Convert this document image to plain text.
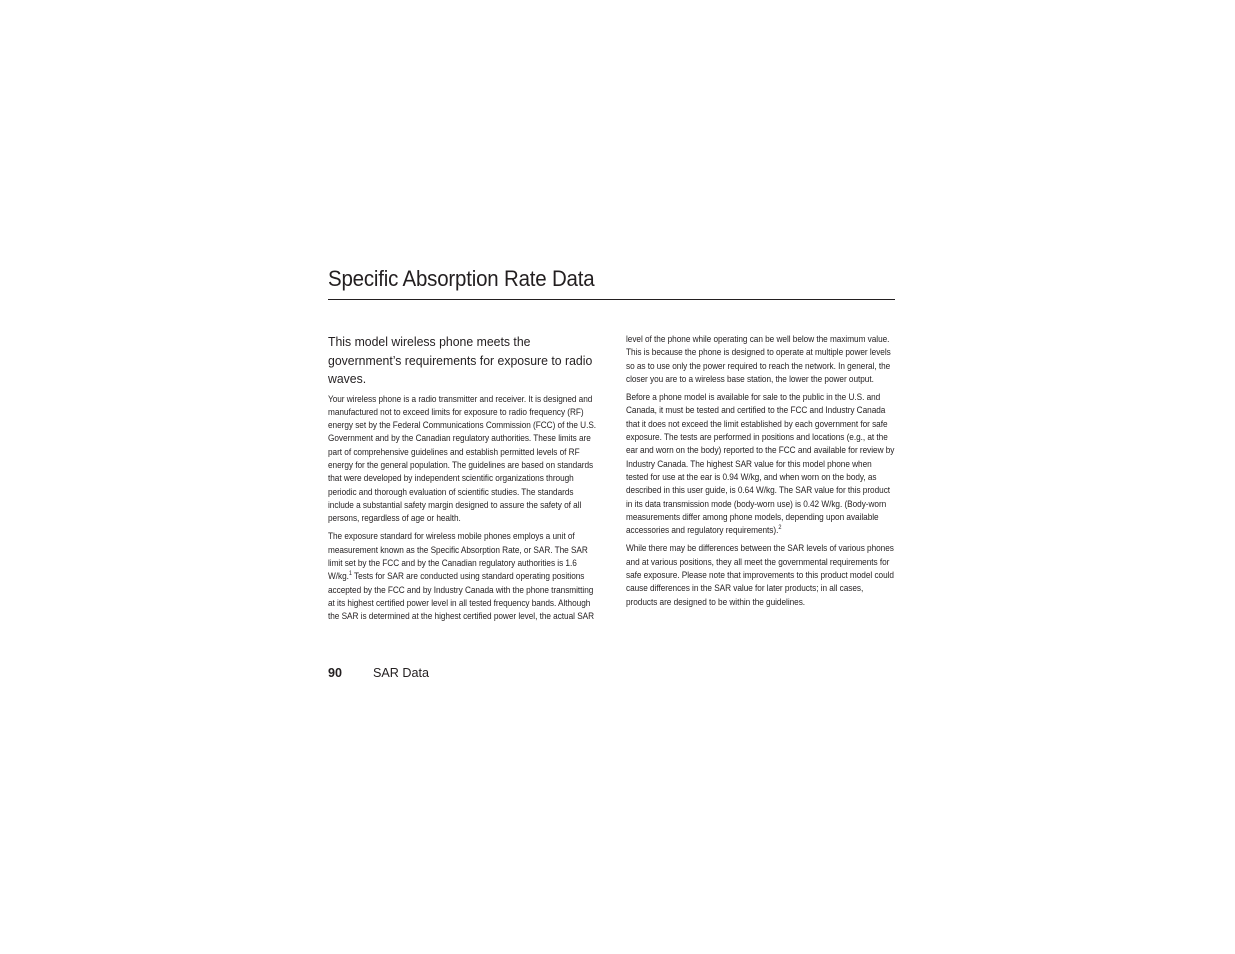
Specific Absorption Rate Data

This model wireless phone meets the government’s requirements for exposure to radio waves.

Your wireless phone is a radio transmitter and receiver. It is designed and manufactured not to exceed limits for exposure to radio frequency (RF) energy set by the Federal Communications Commission (FCC) of the U.S. Government and by the Canadian regulatory authorities. These limits are part of comprehensive guidelines and establish permitted levels of RF energy for the general population. The guidelines are based on standards that were developed by independent scientific organizations through periodic and thorough evaluation of scientific studies. The standards include a substantial safety margin designed to assure the safety of all persons, regardless of age or health.

The exposure standard for wireless mobile phones employs a unit of measurement known as the Specific Absorption Rate, or SAR. The SAR limit set by the FCC and by the Canadian regulatory authorities is 1.6 W/kg.$^1$ Tests for SAR are conducted using standard operating positions accepted by the FCC and by Industry Canada with the phone transmitting at its highest certified power level in all tested frequency bands. Although the SAR is determined at the highest certified power level, the actual SAR

level of the phone while operating can be well below the maximum value. This is because the phone is designed to operate at multiple power levels so as to use only the power required to reach the network. In general, the closer you are to a wireless base station, the lower the power output.

Before a phone model is available for sale to the public in the U.S. and Canada, it must be tested and certified to the FCC and Industry Canada that it does not exceed the limit established by each government for safe exposure. The tests are performed in positions and locations (e.g., at the ear and worn on the body) reported to the FCC and available for review by Industry Canada. The highest SAR value for this model phone when tested for use at the ear is 0.94 W/kg, and when worn on the body, as described in this user guide, is 0.64 W/kg. The SAR value for this product in its data transmission mode (body-worn use) is 0.42 W/kg. (Body-worn measurements differ among phone models, depending upon available accessories and regulatory requirements).$^2$

While there may be differences between the SAR levels of various phones and at various positions, they all meet the governmental requirements for safe exposure. Please note that improvements to this product model could cause differences in the SAR value for later products; in all cases, products are designed to be within the guidelines.

90 SAR Data
